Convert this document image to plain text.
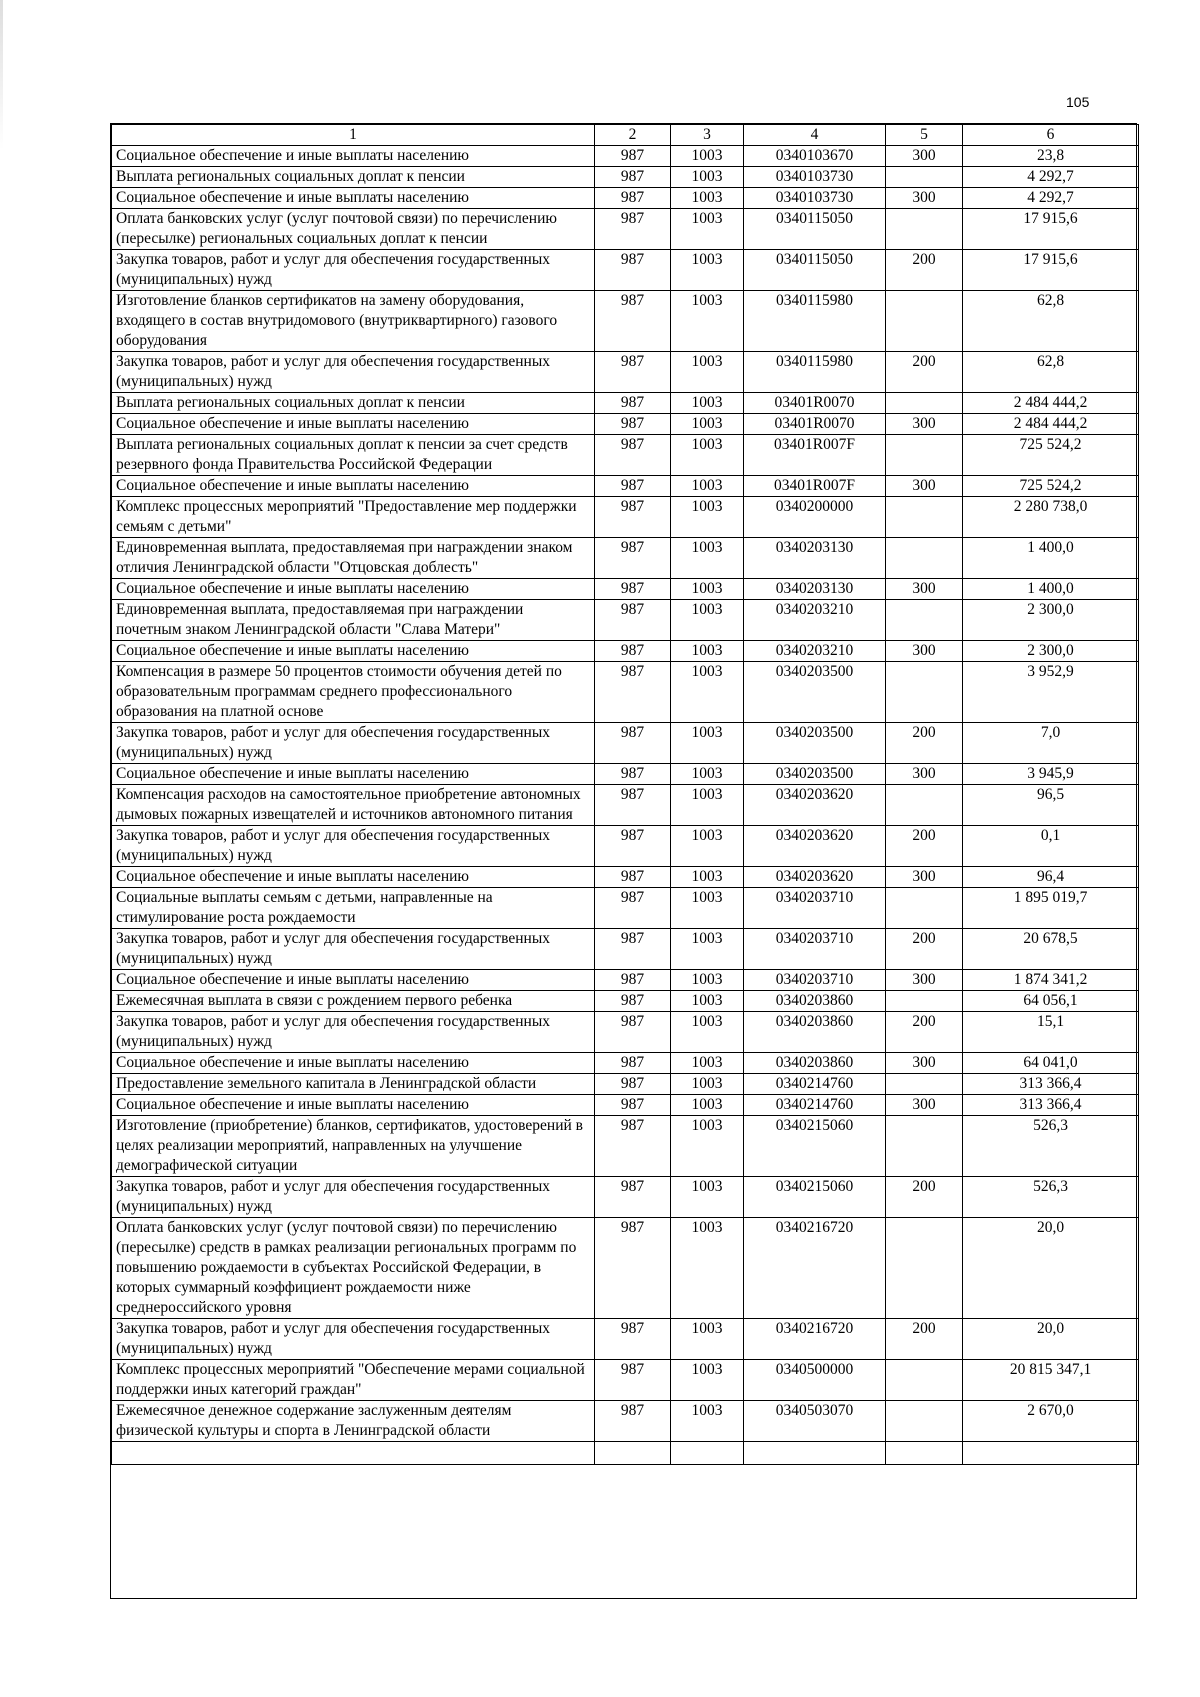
105
1	2	3	4	5	6
Социальное обеспечение и иные выплаты населению	987	1003	0340103670	300	23,8
Выплата региональных социальных доплат к пенсии	987	1003	0340103730		4 292,7
Социальное обеспечение и иные выплаты населению	987	1003	0340103730	300	4 292,7
Оплата банковских услуг (услуг почтовой связи) по перечислению (пересылке) региональных социальных доплат к пенсии	987	1003	0340115050		17 915,6
Закупка товаров, работ и услуг для обеспечения государственных (муниципальных) нужд	987	1003	0340115050	200	17 915,6
Изготовление бланков сертификатов на замену оборудования, входящего в состав внутридомового (внутриквартирного) газового оборудования	987	1003	0340115980		62,8
Закупка товаров, работ и услуг для обеспечения государственных (муниципальных) нужд	987	1003	0340115980	200	62,8
Выплата региональных социальных доплат к пенсии	987	1003	03401R0070		2 484 444,2
Социальное обеспечение и иные выплаты населению	987	1003	03401R0070	300	2 484 444,2
Выплата региональных социальных доплат к пенсии за счет средств резервного фонда Правительства Российской Федерации	987	1003	03401R007F		725 524,2
Социальное обеспечение и иные выплаты населению	987	1003	03401R007F	300	725 524,2
Комплекс процессных мероприятий "Предоставление мер поддержки семьям с детьми"	987	1003	0340200000		2 280 738,0
Единовременная выплата, предоставляемая при награждении знаком отличия Ленинградской области "Отцовская доблесть"	987	1003	0340203130		1 400,0
Социальное обеспечение и иные выплаты населению	987	1003	0340203130	300	1 400,0
Единовременная выплата, предоставляемая при награждении почетным знаком Ленинградской области "Слава Матери"	987	1003	0340203210		2 300,0
Социальное обеспечение и иные выплаты населению	987	1003	0340203210	300	2 300,0
Компенсация в размере 50 процентов стоимости обучения детей по образовательным программам среднего профессионального образования на платной основе	987	1003	0340203500		3 952,9
Закупка товаров, работ и услуг для обеспечения государственных (муниципальных) нужд	987	1003	0340203500	200	7,0
Социальное обеспечение и иные выплаты населению	987	1003	0340203500	300	3 945,9
Компенсация расходов на самостоятельное приобретение автономных дымовых пожарных извещателей и источников автономного питания	987	1003	0340203620		96,5
Закупка товаров, работ и услуг для обеспечения государственных (муниципальных) нужд	987	1003	0340203620	200	0,1
Социальное обеспечение и иные выплаты населению	987	1003	0340203620	300	96,4
Социальные выплаты семьям с детьми, направленные на стимулирование роста рождаемости	987	1003	0340203710		1 895 019,7
Закупка товаров, работ и услуг для обеспечения государственных (муниципальных) нужд	987	1003	0340203710	200	20 678,5
Социальное обеспечение и иные выплаты населению	987	1003	0340203710	300	1 874 341,2
Ежемесячная выплата в связи с рождением первого ребенка	987	1003	0340203860		64 056,1
Закупка товаров, работ и услуг для обеспечения государственных (муниципальных) нужд	987	1003	0340203860	200	15,1
Социальное обеспечение и иные выплаты населению	987	1003	0340203860	300	64 041,0
Предоставление земельного капитала в Ленинградской области	987	1003	0340214760		313 366,4
Социальное обеспечение и иные выплаты населению	987	1003	0340214760	300	313 366,4
Изготовление (приобретение) бланков, сертификатов, удостоверений в целях реализации мероприятий, направленных на улучшение демографической ситуации	987	1003	0340215060		526,3
Закупка товаров, работ и услуг для обеспечения государственных (муниципальных) нужд	987	1003	0340215060	200	526,3
Оплата банковских услуг (услуг почтовой связи) по перечислению (пересылке) средств в рамках реализации региональных программ по повышению рождаемости в субъектах Российской Федерации, в которых суммарный коэффициент рождаемости ниже среднероссийского уровня	987	1003	0340216720		20,0
Закупка товаров, работ и услуг для обеспечения государственных (муниципальных) нужд	987	1003	0340216720	200	20,0
Комплекс процессных мероприятий "Обеспечение мерами социальной поддержки иных категорий граждан"	987	1003	0340500000		20 815 347,1
Ежемесячное денежное содержание заслуженным деятелям физической культуры и спорта в Ленинградской области	987	1003	0340503070		2 670,0
